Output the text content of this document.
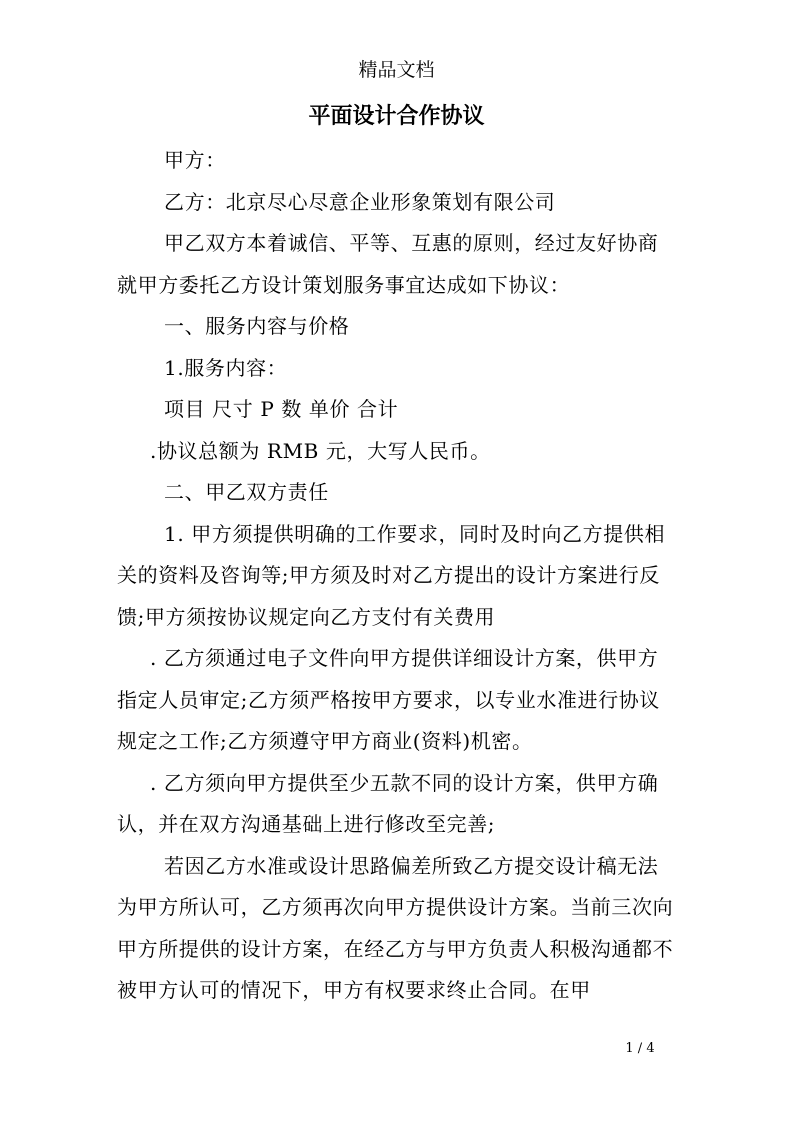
精品文档
平面设计合作协议

甲方：

乙方：北京尽心尽意企业形象策划有限公司

甲乙双方本着诚信、平等、互惠的原则，经过友好协商就甲方委托乙方设计策划服务事宜达成如下协议：

一、服务内容与价格

1.服务内容：

项目 尺寸 P 数 单价 合计

.协议总额为 RMB 元，大写人民币。

二、甲乙双方责任

1. 甲方须提供明确的工作要求，同时及时向乙方提供相关的资料及咨询等;甲方须及时对乙方提出的设计方案进行反馈;甲方须按协议规定向乙方支付有关费用

. 乙方须通过电子文件向甲方提供详细设计方案，供甲方指定人员审定;乙方须严格按甲方要求，以专业水准进行协议规定之工作;乙方须遵守甲方商业(资料)机密。

. 乙方须向甲方提供至少五款不同的设计方案，供甲方确认，并在双方沟通基础上进行修改至完善;

若因乙方水准或设计思路偏差所致乙方提交设计稿无法为甲方所认可，乙方须再次向甲方提供设计方案。当前三次向甲方所提供的设计方案，在经乙方与甲方负责人积极沟通都不被甲方认可的情况下，甲方有权要求终止合同。在甲

1 / 4
